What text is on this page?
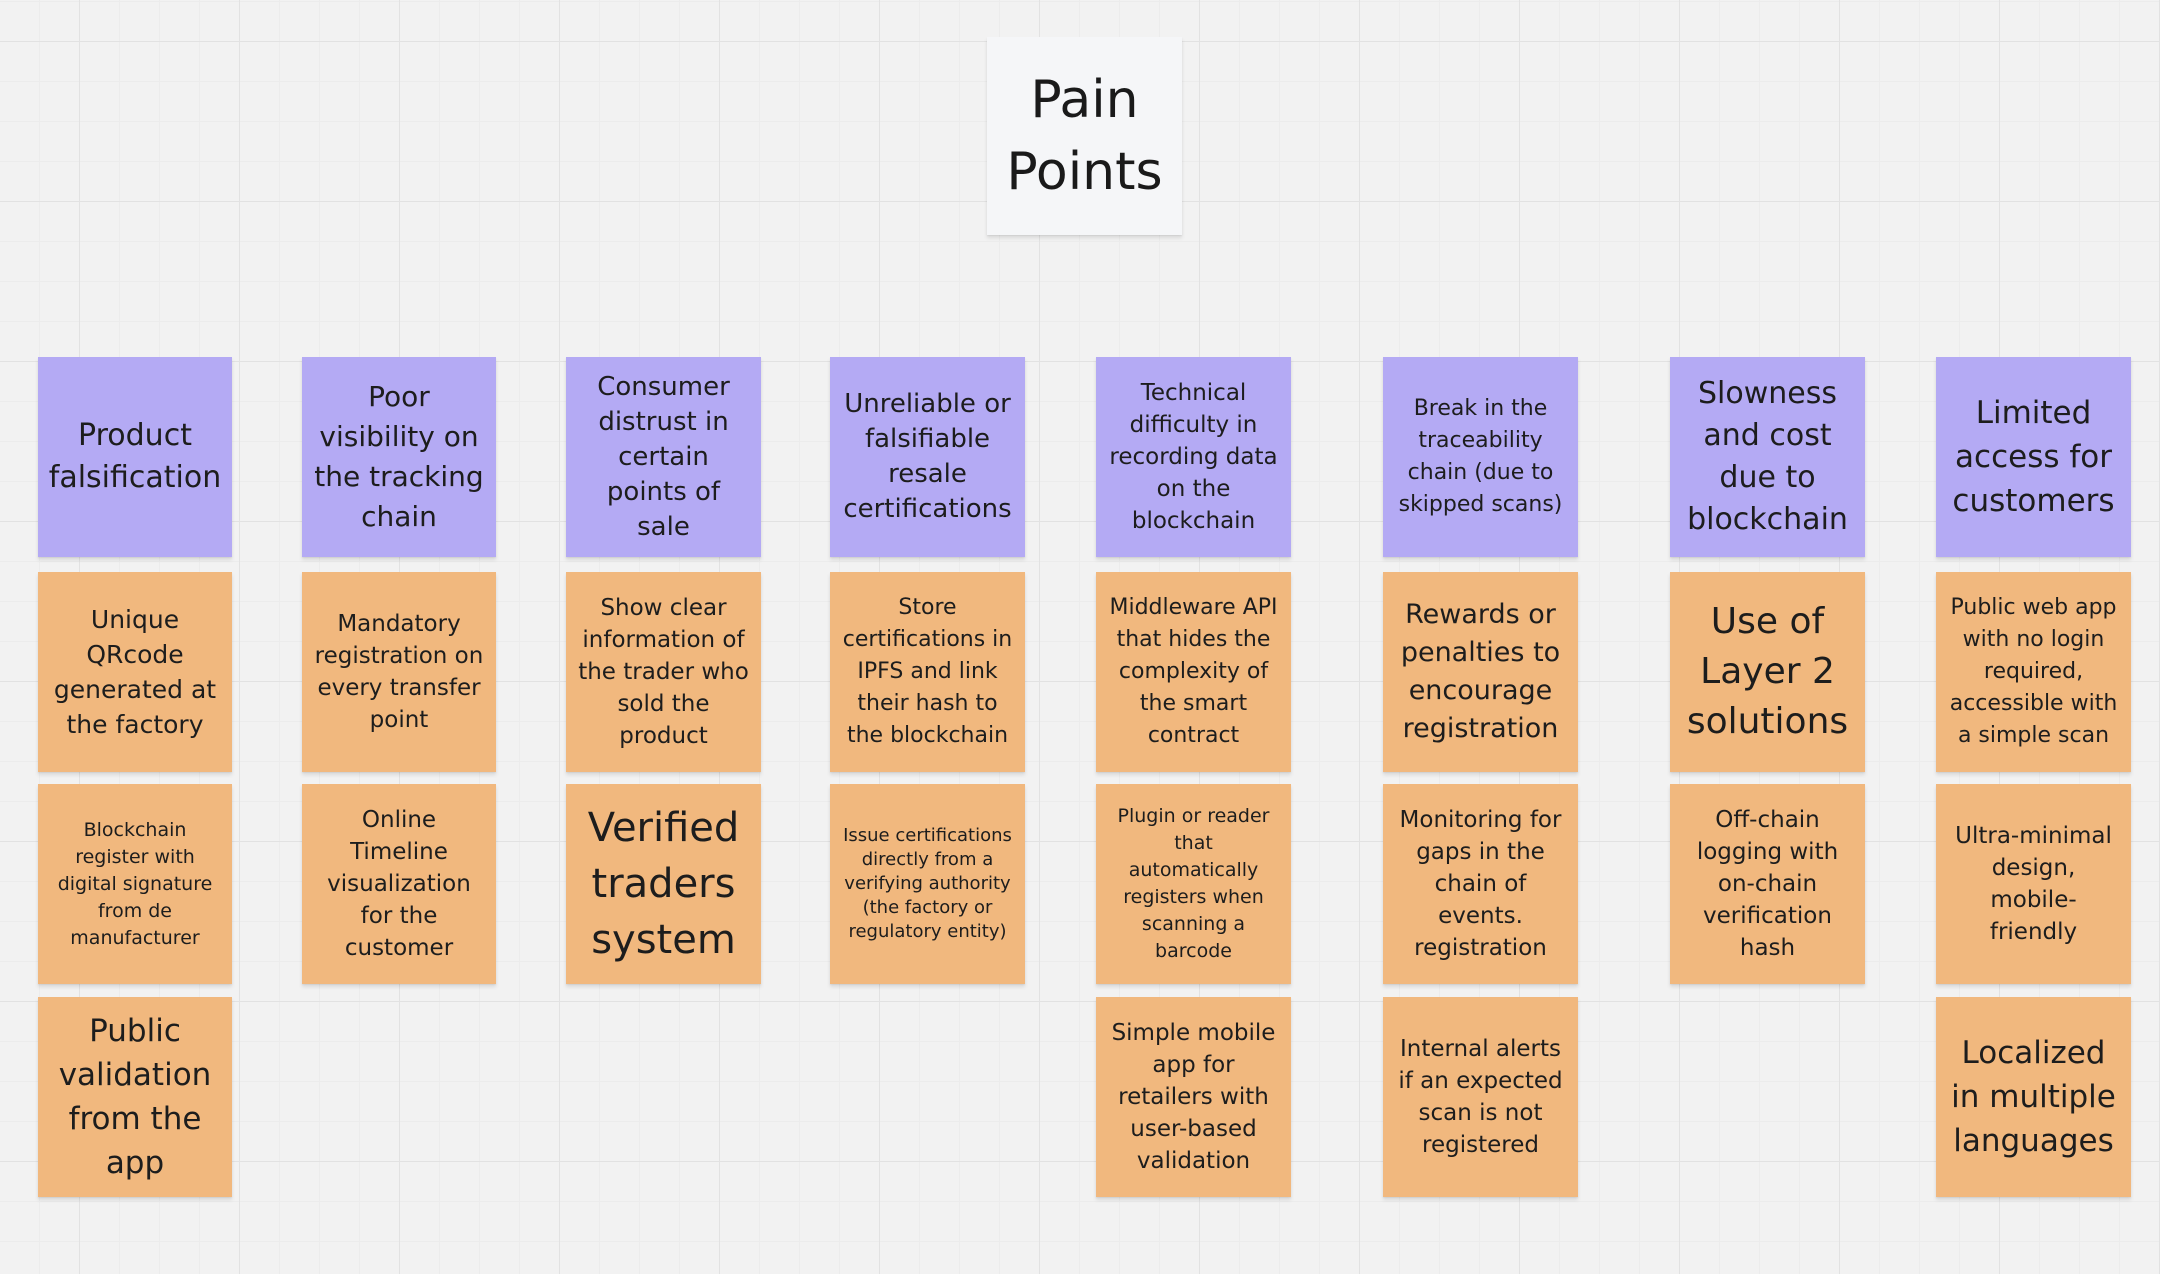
Pain Points
Product falsification
Unique QRcode generated at the factory
Blockchain register with digital signature from de manufacturer
Public validation from the app
Poor visibility on the tracking chain
Mandatory registration on every transfer point
Online Timeline visualization for the customer
Consumer distrust in certain points of sale
Show clear information of the trader who sold the product
Verified traders system
Unreliable or falsifiable resale certifications
Store certifications in IPFS and link their hash to the blockchain
Issue certifications directly from a verifying authority (the factory or regulatory entity)
Technical difficulty in recording data on the blockchain
Middleware API that hides the complexity of the smart contract
Plugin or reader that automatically registers when scanning a barcode
Simple mobile app for retailers with user-based validation
Break in the traceability chain (due to skipped scans)
Rewards or penalties to encourage registration
Monitoring for gaps in the chain of events. registration
Internal alerts if an expected scan is not registered
Slowness and cost due to blockchain
Use of Layer 2 solutions
Off-chain logging with on-chain verification hash
Limited access for customers
Public web app with no login required, accessible with a simple scan
Ultra-minimal design, mobile-friendly
Localized in multiple languages
